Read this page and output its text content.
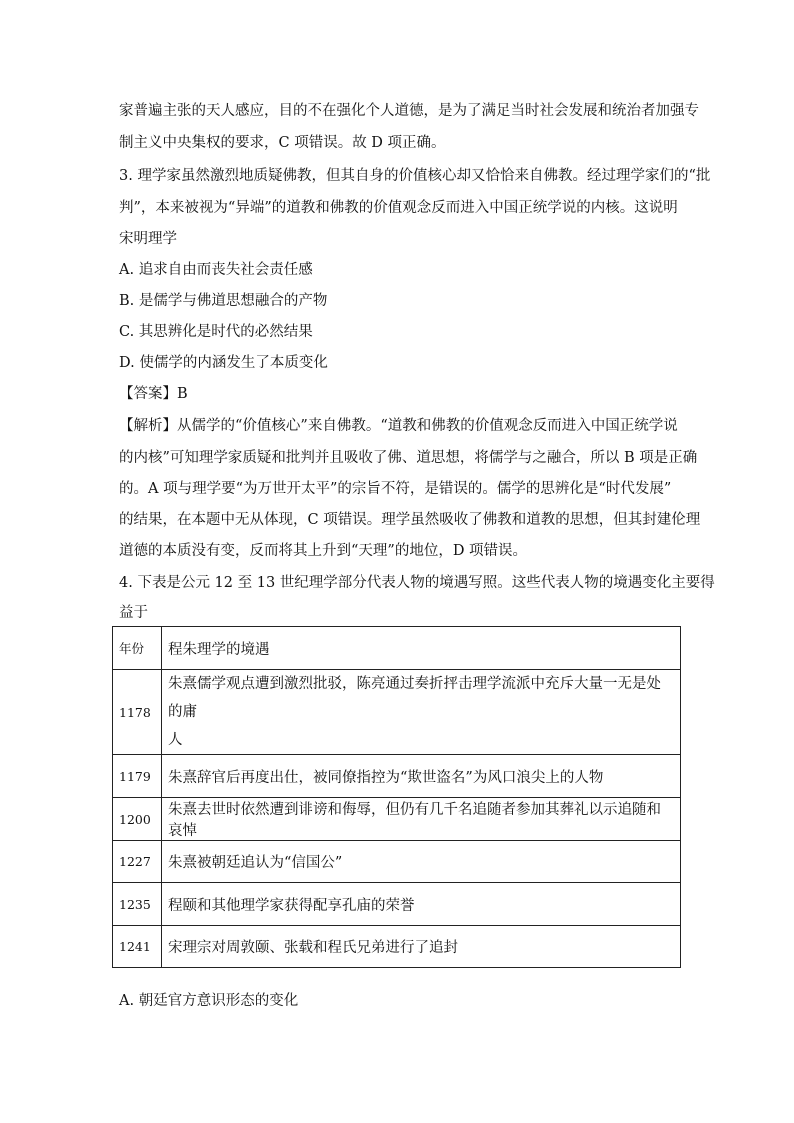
家普遍主张的天人感应，目的不在强化个人道德，是为了满足当时社会发展和统治者加强专
制主义中央集权的要求，C 项错误。故 D 项正确。
3. 理学家虽然激烈地质疑佛教，但其自身的价值核心却又恰恰来自佛教。经过理学家们的“批
判”，本来被视为“异端”的道教和佛教的价值观念反而进入中国正统学说的内核。这说明
宋明理学
A. 追求自由而丧失社会责任感
B. 是儒学与佛道思想融合的产物
C. 其思辨化是时代的必然结果
D. 使儒学的内涵发生了本质变化
【答案】B
【解析】从儒学的“价值核心”来自佛教。“道教和佛教的价值观念反而进入中国正统学说
的内核”可知理学家质疑和批判并且吸收了佛、道思想，将儒学与之融合，所以 B 项是正确
的。A 项与理学要“为万世开太平”的宗旨不符，是错误的。儒学的思辨化是“时代发展”
的结果，在本题中无从体现，C 项错误。理学虽然吸收了佛教和道教的思想，但其封建伦理
道德的本质没有变，反而将其上升到“天理”的地位，D 项错误。
4. 下表是公元 12 至 13 世纪理学部分代表人物的境遇写照。这些代表人物的境遇变化主要得
益于
年份	程朱理学的境遇
1178	朱熹儒学观点遭到激烈批驳，陈亮通过奏折抨击理学流派中充斥大量一无是处的庸
人

1179	朱熹辞官后再度出仕，被同僚指控为“欺世盗名”为风口浪尖上的人物
1200	朱熹去世时依然遭到诽谤和侮辱，但仍有几千名追随者参加其葬礼以示追随和哀悼
1227	朱熹被朝廷追认为“信国公”
1235	程颐和其他理学家获得配享孔庙的荣誉
1241	宋理宗对周敦颐、张载和程氏兄弟进行了追封
A. 朝廷官方意识形态的变化
